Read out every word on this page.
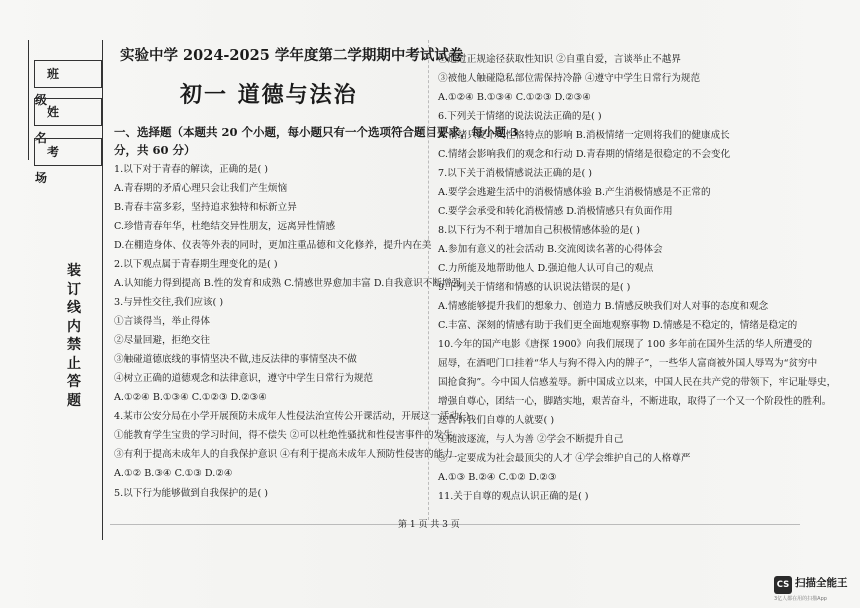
班 级
姓 名
考 场
装
订
线
内
禁
止
答
题
实验中学 2024-2025 学年度第二学期期中考试试卷
初一 道德与法治
一、选择题（本题共 20 个小题，每小题只有一个选项符合题目要求，每小题 3
分，共 60 分）
1.以下对于青春的解读，正确的是( )
A.青春期的矛盾心理只会让我们产生烦恼
B.青春丰富多彩，坚持追求独特和标新立异
C.珍惜青春年华，杜绝结交异性朋友，远离异性情感
D.在棚造身体、仪表等外表的同时，更加注重品德和文化修养，提升内在美
2.以下观点属于青春期生理变化的是( )
A.认知能力得到提高 B.性的发育和成熟 C.情感世界愈加丰富 D.自我意识不断增强
3.与异性交往,我们应该( )
①言谈得当，举止得体
②尽量回避，拒绝交往
③触碰道德底线的事情坚决不做,违反法律的事情坚决不做
④树立正确的道德观念和法律意识，遵守中学生日常行为规范
A.①②④ B.①③④ C.①②③ D.②③④
4.某市公安分局在小学开展预防未成年人性侵法治宣传公开课活动，开展这一活动( )
①能教育学生宝贵的学习时间，得不偿失 ②可以杜绝性骚扰和性侵害事件的发生
③有利于提高未成年人的自我保护意识 ④有利于提高未成年人预防性侵害的能力
A.①② B.③④ C.①③ D.②④
5.以下行为能够做到自我保护的是( )
①通过正规途径获取性知识 ②自重自爱，言谈举止不越界
③被他人触碰隐私部位需保持冷静 ④遵守中学生日常行为规范
A.①②④ B.①③④ C.①②③ D.②③④
6.下列关于情绪的说法说法正确的是( )
A.情绪只受个人性格特点的影响 B.消极情绪一定则将我们的健康成长
C.情绪会影响我们的观念和行动 D.青春期的情绪是很稳定的不会变化
7.以下关于消极情感说法正确的是( )
A.要学会逃避生活中的消极情感体验 B.产生消极情感是不正常的
C.要学会承受和转化消极情感 D.消极情感只有负面作用
8.以下行为不利于增加自己积极情感体验的是( )
A.参加有意义的社会活动 B.交流阅读名著的心得体会
C.力所能及地帮助他人 D.强迫他人认可自己的观点
9.下列关于情绪和情感的认识说法错误的是( )
A.情感能够提升我们的想象力、创造力 B.情感反映我们对人对事的态度和观念
C.丰富、深刻的情感有助于我们更全面地观察事物 D.情感是不稳定的，情绪是稳定的
10.今年的国产电影《唐探 1900》向我们展现了 100 多年前在国外生活的华人所遭受的
屈辱，在酒吧门口挂着“华人与狗不得入内的牌子”，一些华人富商被外国人辱骂为“贫穷中
国抢食狗”。今中国人信感羞辱。新中国成立以来，中国人民在共产党的带领下，牢记耻辱史，
增强自尊心，团结一心，脚踏实地，艰苦奋斗，不断进取，取得了一个又一个阶段性的胜利。
这告诉我们自尊的人就要( )
①随波逐流，与人为善 ②学会不断提升自己
③一定要成为社会最顶尖的人才 ④学会维护自己的人格尊严
A.①③ B.②④ C.①② D.②③
11.关于自尊的观点认识正确的是( )
第 1 页 共 3 页
CS 扫描全能王
3亿人都在用的扫描App
